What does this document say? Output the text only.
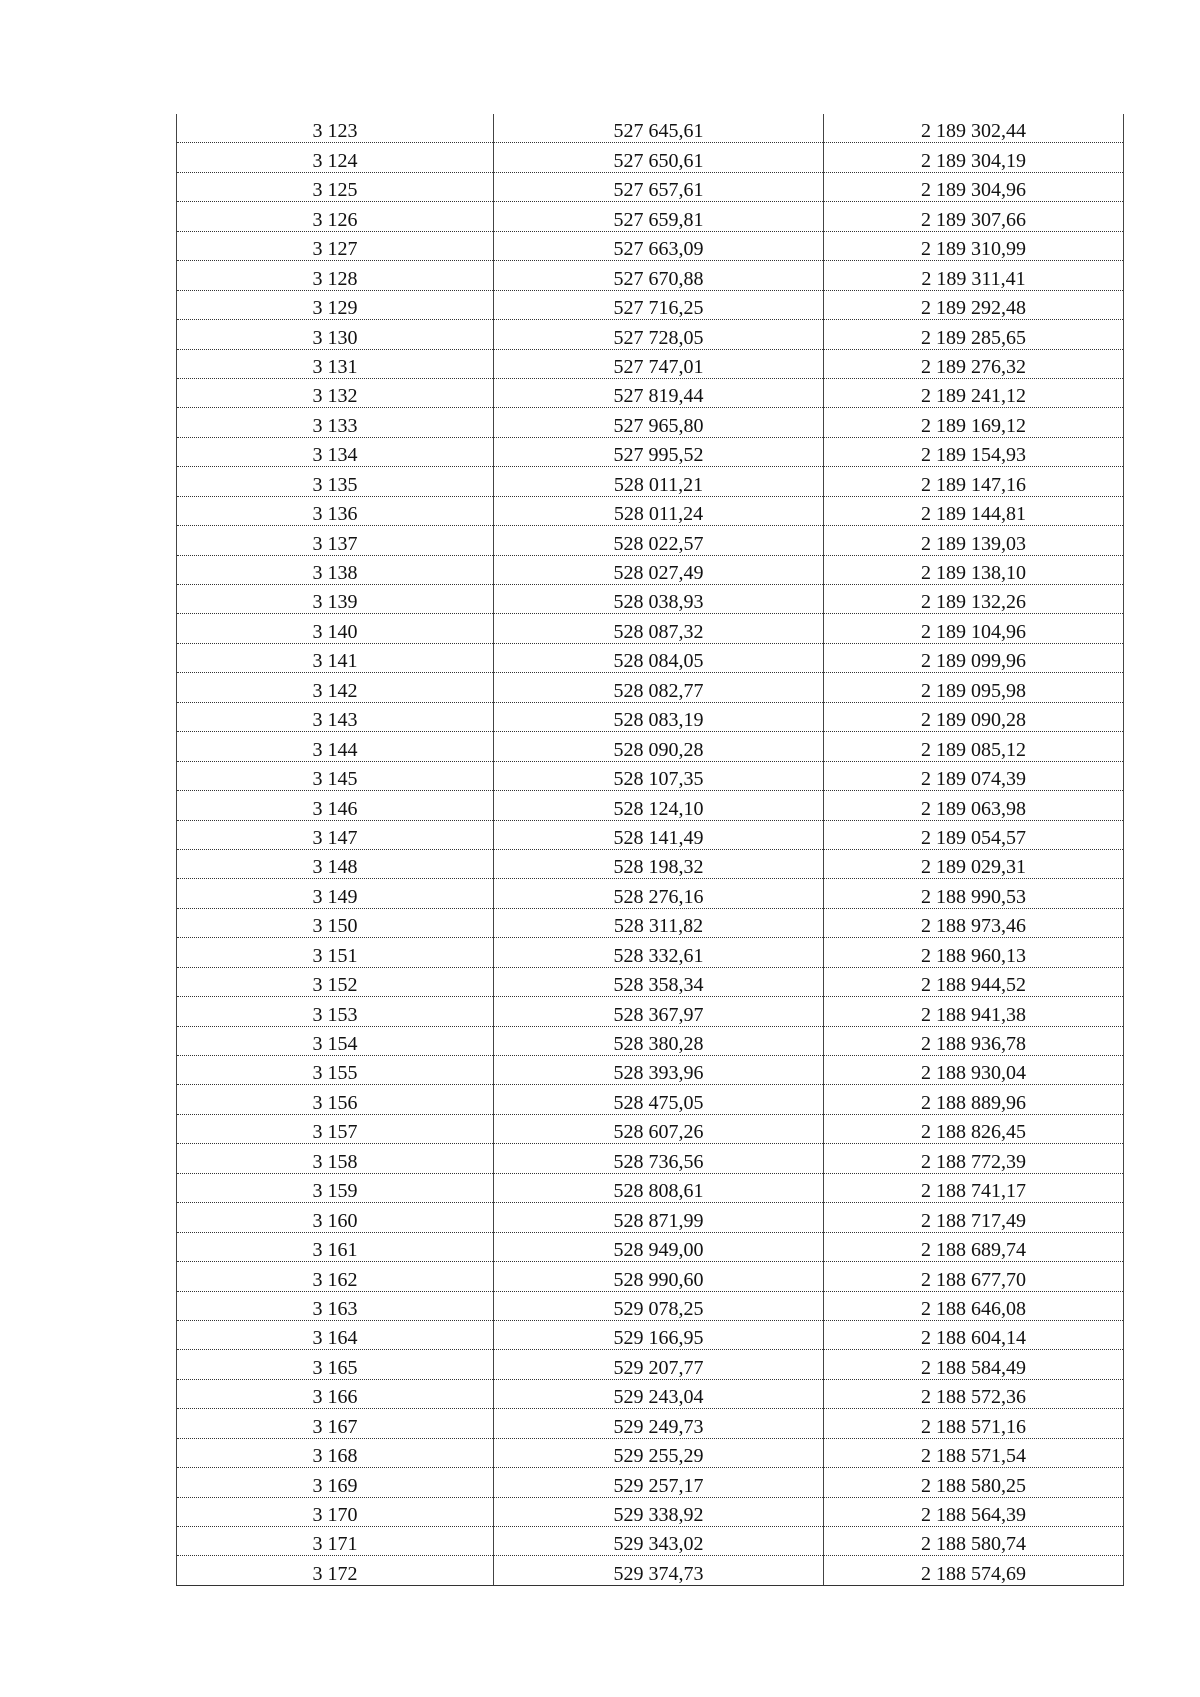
3 123	527 645,61	2 189 302,44
3 124	527 650,61	2 189 304,19
3 125	527 657,61	2 189 304,96
3 126	527 659,81	2 189 307,66
3 127	527 663,09	2 189 310,99
3 128	527 670,88	2 189 311,41
3 129	527 716,25	2 189 292,48
3 130	527 728,05	2 189 285,65
3 131	527 747,01	2 189 276,32
3 132	527 819,44	2 189 241,12
3 133	527 965,80	2 189 169,12
3 134	527 995,52	2 189 154,93
3 135	528 011,21	2 189 147,16
3 136	528 011,24	2 189 144,81
3 137	528 022,57	2 189 139,03
3 138	528 027,49	2 189 138,10
3 139	528 038,93	2 189 132,26
3 140	528 087,32	2 189 104,96
3 141	528 084,05	2 189 099,96
3 142	528 082,77	2 189 095,98
3 143	528 083,19	2 189 090,28
3 144	528 090,28	2 189 085,12
3 145	528 107,35	2 189 074,39
3 146	528 124,10	2 189 063,98
3 147	528 141,49	2 189 054,57
3 148	528 198,32	2 189 029,31
3 149	528 276,16	2 188 990,53
3 150	528 311,82	2 188 973,46
3 151	528 332,61	2 188 960,13
3 152	528 358,34	2 188 944,52
3 153	528 367,97	2 188 941,38
3 154	528 380,28	2 188 936,78
3 155	528 393,96	2 188 930,04
3 156	528 475,05	2 188 889,96
3 157	528 607,26	2 188 826,45
3 158	528 736,56	2 188 772,39
3 159	528 808,61	2 188 741,17
3 160	528 871,99	2 188 717,49
3 161	528 949,00	2 188 689,74
3 162	528 990,60	2 188 677,70
3 163	529 078,25	2 188 646,08
3 164	529 166,95	2 188 604,14
3 165	529 207,77	2 188 584,49
3 166	529 243,04	2 188 572,36
3 167	529 249,73	2 188 571,16
3 168	529 255,29	2 188 571,54
3 169	529 257,17	2 188 580,25
3 170	529 338,92	2 188 564,39
3 171	529 343,02	2 188 580,74
3 172	529 374,73	2 188 574,69
